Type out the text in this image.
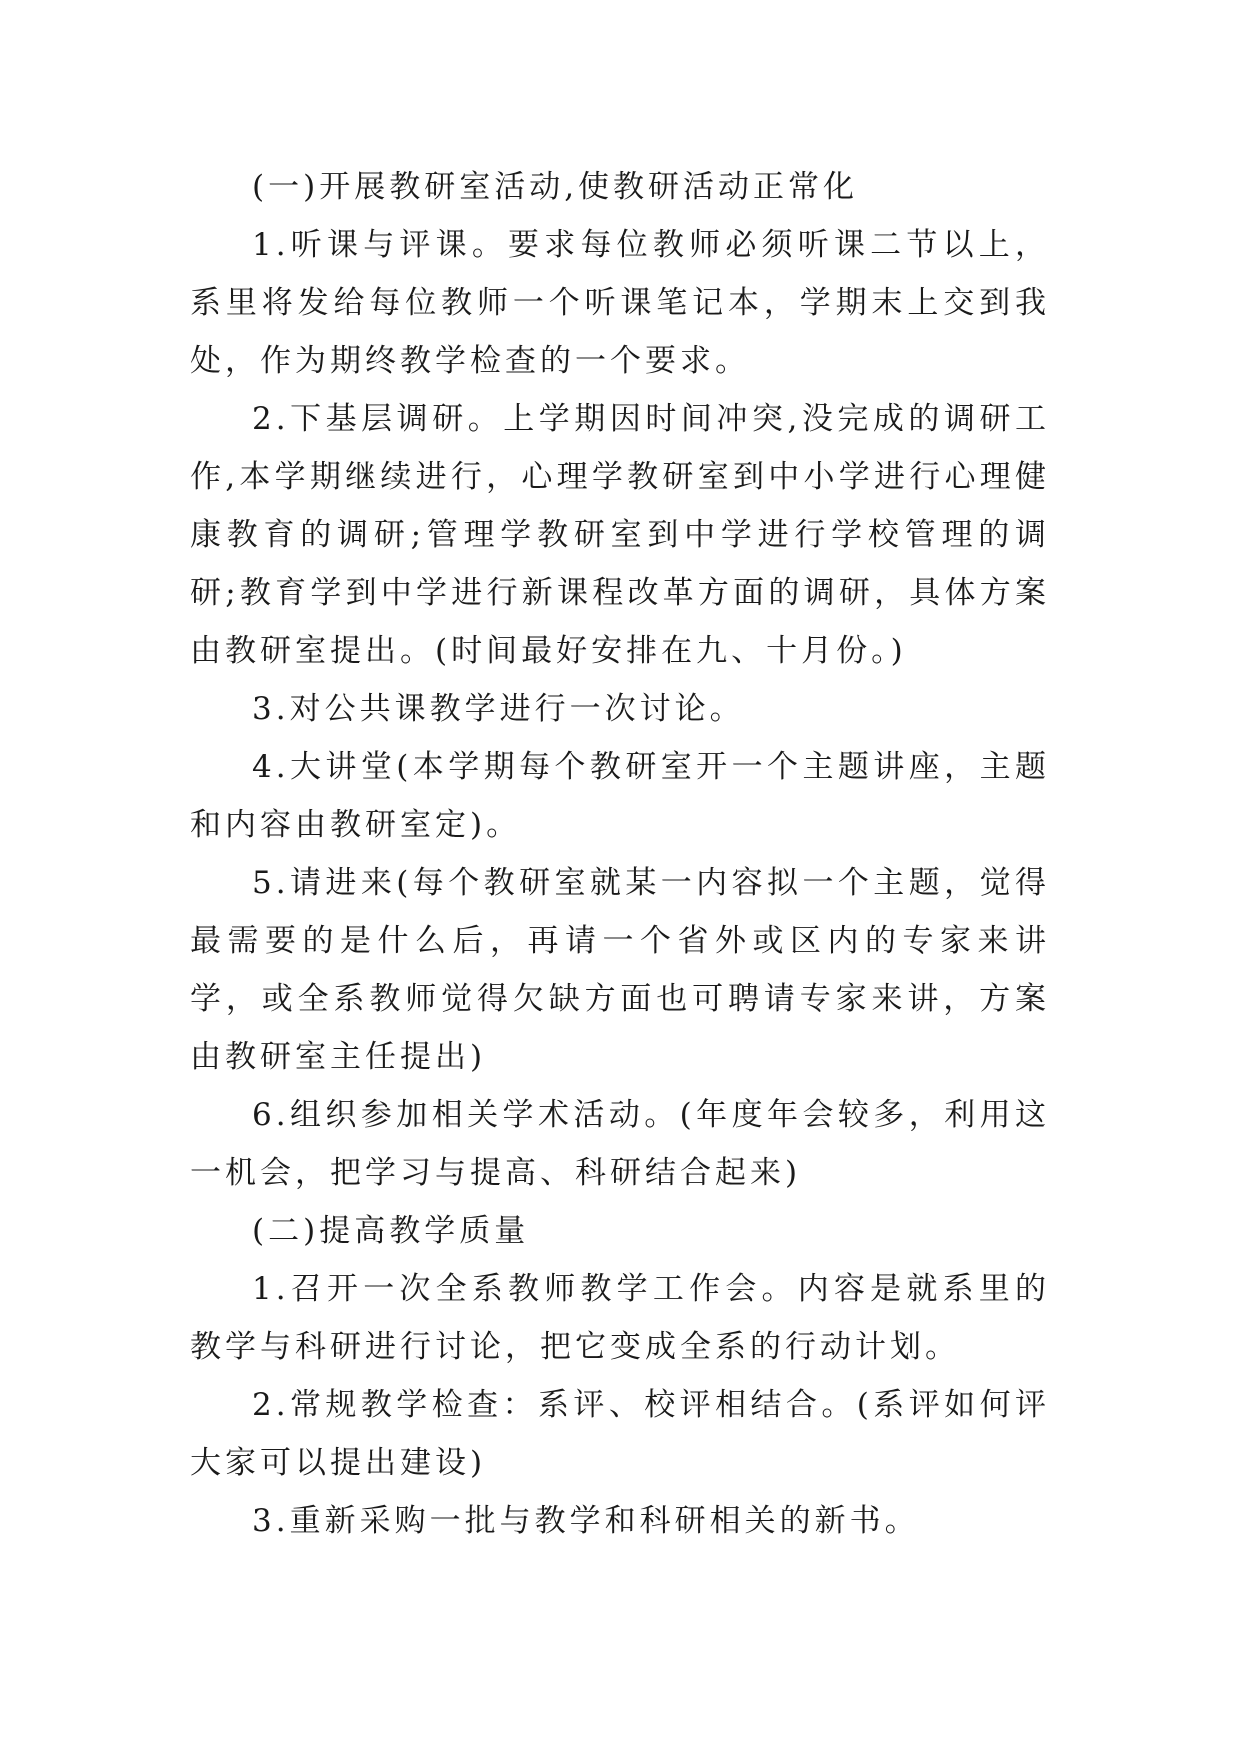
(一)开展教研室活动,使教研活动正常化

1.听课与评课。要求每位教师必须听课二节以上，系里将发给每位教师一个听课笔记本，学期末上交到我处，作为期终教学检查的一个要求。

2.下基层调研。上学期因时间冲突,没完成的调研工作,本学期继续进行，心理学教研室到中小学进行心理健康教育的调研;管理学教研室到中学进行学校管理的调研;教育学到中学进行新课程改革方面的调研，具体方案由教研室提出。(时间最好安排在九、十月份。)

3.对公共课教学进行一次讨论。

4.大讲堂(本学期每个教研室开一个主题讲座，主题和内容由教研室定)。

5.请进来(每个教研室就某一内容拟一个主题，觉得最需要的是什么后，再请一个省外或区内的专家来讲学，或全系教师觉得欠缺方面也可聘请专家来讲，方案由教研室主任提出)

6.组织参加相关学术活动。(年度年会较多，利用这一机会，把学习与提高、科研结合起来)

(二)提高教学质量

1.召开一次全系教师教学工作会。内容是就系里的教学与科研进行讨论，把它变成全系的行动计划。

2.常规教学检查：系评、校评相结合。(系评如何评大家可以提出建设)

3.重新采购一批与教学和科研相关的新书。
